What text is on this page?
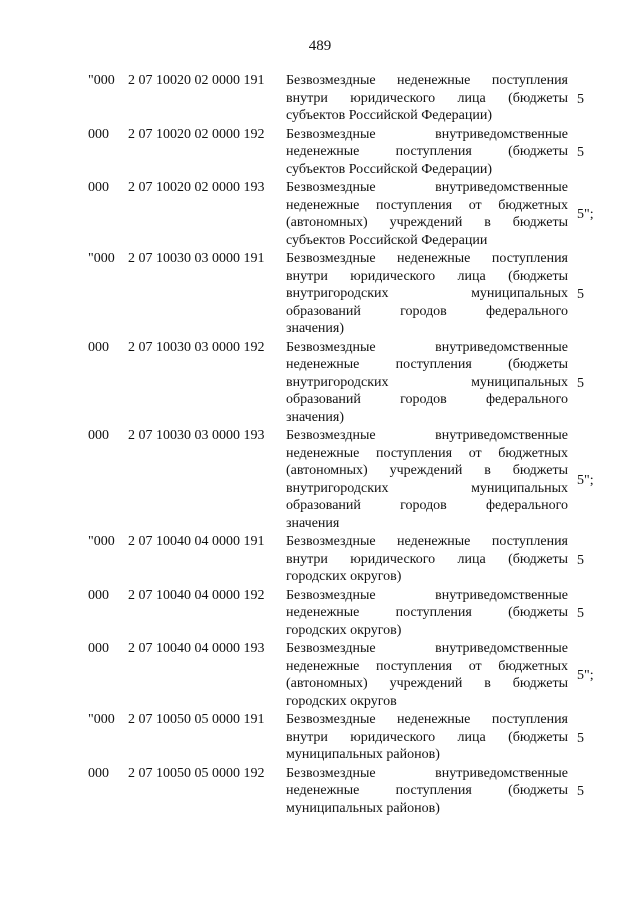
489
"000 2 07 10020 02 0000 191 Безвозмездные неденежные поступления
внутри юридического лица (бюджеты
субъектов Российской Федерации)
5
000 2 07 10020 02 0000 192 Безвозмездные внутриведомственные
неденежные поступления (бюджеты
субъектов Российской Федерации)
5
000 2 07 10020 02 0000 193 Безвозмездные внутриведомственные
неденежные поступления от бюджетных
(автономных) учреждений в бюджеты
субъектов Российской Федерации
5";
"000 2 07 10030 03 0000 191 Безвозмездные неденежные поступления
внутри юридического лица (бюджеты
внутригородских муниципальных
образований городов федерального
значения)
5
000 2 07 10030 03 0000 192 Безвозмездные внутриведомственные
неденежные поступления (бюджеты
внутригородских муниципальных
образований городов федерального
значения)
5
000 2 07 10030 03 0000 193 Безвозмездные внутриведомственные
неденежные поступления от бюджетных
(автономных) учреждений в бюджеты
внутригородских муниципальных
образований городов федерального
значения
5";
"000 2 07 10040 04 0000 191 Безвозмездные неденежные поступления
внутри юридического лица (бюджеты
городских округов)
5
000 2 07 10040 04 0000 192 Безвозмездные внутриведомственные
неденежные поступления (бюджеты
городских округов)
5
000 2 07 10040 04 0000 193 Безвозмездные внутриведомственные
неденежные поступления от бюджетных
(автономных) учреждений в бюджеты
городских округов
5";
"000 2 07 10050 05 0000 191 Безвозмездные неденежные поступления
внутри юридического лица (бюджеты
муниципальных районов)
5
000 2 07 10050 05 0000 192 Безвозмездные внутриведомственные
неденежные поступления (бюджеты
муниципальных районов)
5
